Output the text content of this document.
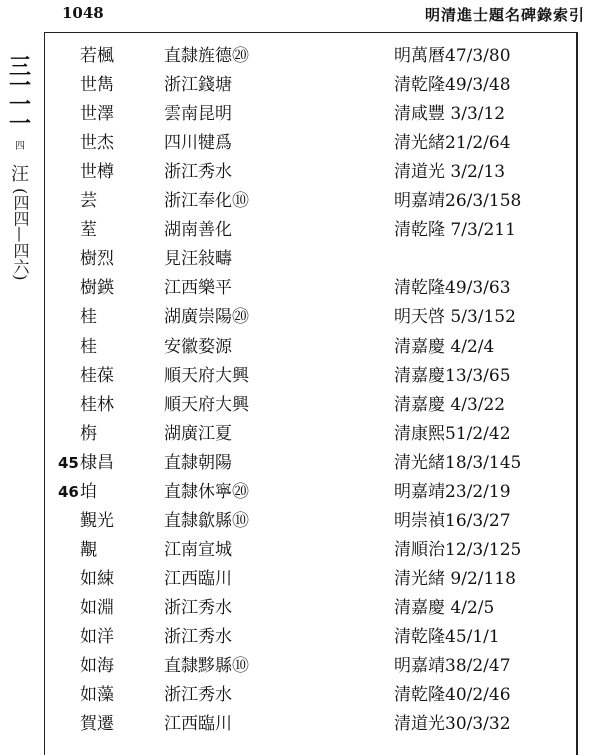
1048	明清進士題名碑錄索引
三
一
一
一
四
汪
(四四—四六)
若楓	直隸旌德⑳	明萬曆47/3/80
世雋	浙江錢塘	清乾隆49/3/48
世澤	雲南昆明	清咸豐 3/3/12
世杰	四川犍爲	清光緒21/2/64
世樽	浙江秀水	清道光 3/2/13
芸	浙江奉化⑩	明嘉靖26/3/158
荎	湖南善化	清乾隆 7/3/211
樹烈	見汪敍疇
樹鍈	江西樂平	清乾隆49/3/63
桂	湖廣崇陽⑳	明天啓 5/3/152
桂	安徽婺源	清嘉慶 4/2/4
桂葆	順天府大興	清嘉慶13/3/65
桂林	順天府大興	清嘉慶 4/3/22
栴	湖廣江夏	清康熙51/2/42
45 棣昌	直隸朝陽	清光緒18/3/145
46 垍	直隸休寧⑳	明嘉靖23/2/19
覲光	直隸歙縣⑩	明崇禎16/3/27
覯	江南宣城	清順治12/3/125
如綀	江西臨川	清光緒 9/2/118
如淵	浙江秀水	清嘉慶 4/2/5
如洋	浙江秀水	清乾隆45/1/1
如海	直隸黟縣⑩	明嘉靖38/2/47
如藻	浙江秀水	清乾隆40/2/46
賀遷	江西臨川	清道光30/3/32
